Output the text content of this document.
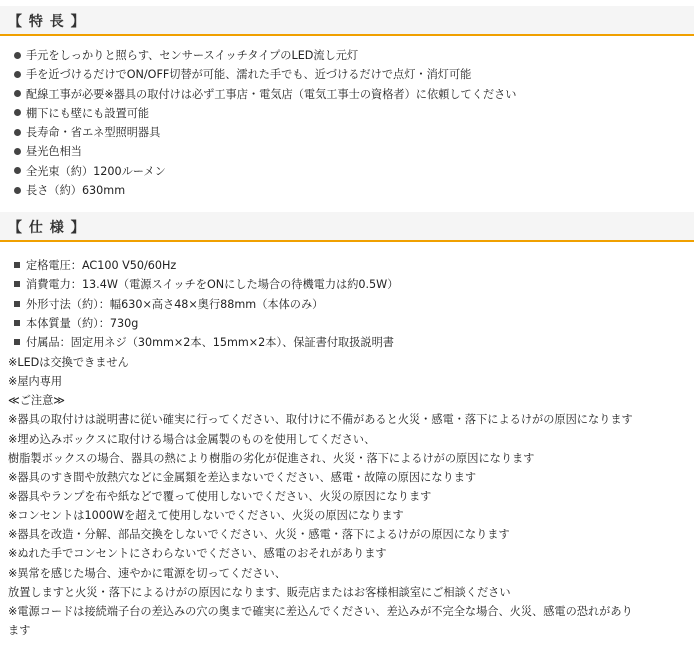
【 特 長 】
手元をしっかりと照らす、センサースイッチタイプのLED流し元灯
手を近づけるだけでON/OFF切替が可能、濡れた手でも、近づけるだけで点灯・消灯可能
配線工事が必要※器具の取付けは必ず工事店・電気店（電気工事士の資格者）に依頼してください
棚下にも壁にも設置可能
長寿命・省エネ型照明器具
昼光色相当
全光束（約）1200ルーメン
長さ（約）630mm
【 仕 様 】
定格電圧：AC100 V50/60Hz
消費電力：13.4W（電源スイッチをONにした場合の待機電力は約0.5W）
外形寸法（約）：幅630×高さ48×奥行88mm（本体のみ）
本体質量（約）：730g
付属品：固定用ネジ（30mm×2本、15mm×2本）、保証書付取扱説明書
※LEDは交換できません
※屋内専用
≪ご注意≫
※器具の取付けは説明書に従い確実に行ってください、取付けに不備があると火災・感電・落下によるけがの原因になります
※埋め込みボックスに取付ける場合は金属製のものを使用してください、
樹脂製ボックスの場合、器具の熱により樹脂の劣化が促進され、火災・落下によるけがの原因になります
※器具のすき間や放熱穴などに金属類を差込まないでください、感電・故障の原因になります
※器具やランプを布や紙などで覆って使用しないでください、火災の原因になります
※コンセントは1000Wを超えて使用しないでください、火災の原因になります
※器具を改造・分解、部品交換をしないでください、火災・感電・落下によるけがの原因になります
※ぬれた手でコンセントにさわらないでください、感電のおそれがあります
※異常を感じた場合、速やかに電源を切ってください、
放置しますと火災・落下によるけがの原因になります、販売店またはお客様相談室にご相談ください
※電源コードは接続端子台の差込みの穴の奥まで確実に差込んでください、差込みが不完全な場合、火災、感電の恐れがあり
ます
